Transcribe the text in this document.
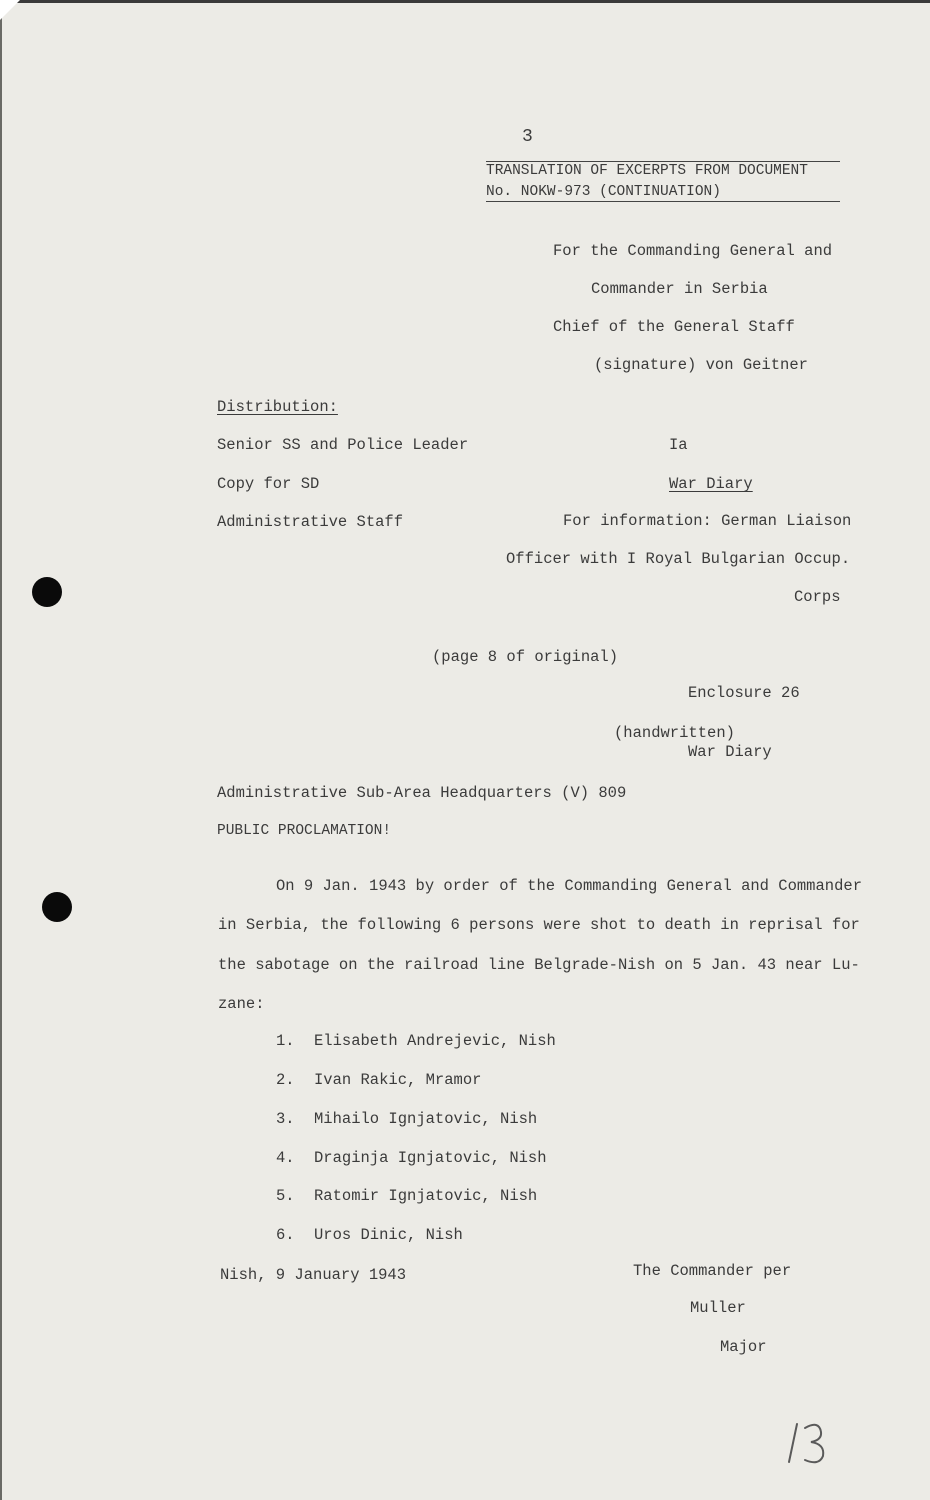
3
TRANSLATION OF EXCERPTS FROM DOCUMENT
No. NOKW-973 (CONTINUATION)
For the Commanding General and
Commander in Serbia
Chief of the General Staff
(signature) von Geitner
Distribution:
Senior SS and Police Leader
Copy for SD
Administrative Staff
Ia
War Diary
For information: German Liaison
Officer with I Royal Bulgarian Occup.
Corps
(page 8 of original)
Enclosure 26
(handwritten)
War Diary
Administrative Sub-Area Headquarters (V) 809
PUBLIC PROCLAMATION!
On 9 Jan. 1943 by order of the Commanding General and Commander
in Serbia, the following 6 persons were shot to death in reprisal for
the sabotage on the railroad line Belgrade-Nish on 5 Jan. 43 near Lu-
zane:
1. Elisabeth Andrejevic, Nish
2. Ivan Rakic, Mramor
3. Mihailo Ignjatovic, Nish
4. Draginja Ignjatovic, Nish
5. Ratomir Ignjatovic, Nish
6. Uros Dinic, Nish
Nish, 9 January 1943	The Commander per
Muller
Major
